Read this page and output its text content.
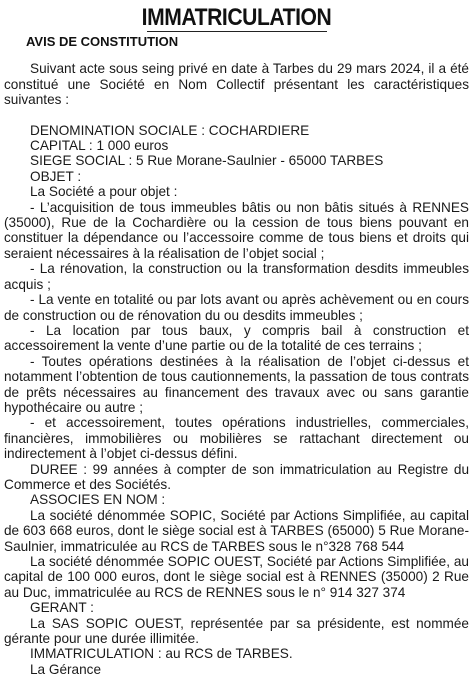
IMMATRICULATION
AVIS DE CONSTITUTION

Suivant acte sous seing privé en date à Tarbes du 29 mars 2024, il a été constitué une Société en Nom Collectif présentant les caractéristiques suivantes :

DENOMINATION SOCIALE : COCHARDIERE
CAPITAL : 1 000 euros
SIEGE SOCIAL : 5 Rue Morane-Saulnier - 65000 TARBES
OBJET :
La Société a pour objet :

- L’acquisition de tous immeubles bâtis ou non bâtis situés à RENNES (35000), Rue de la Cochardière ou la cession de tous biens pouvant en constituer la dépendance ou l’accessoire comme de tous biens et droits qui seraient nécessaires à la réalisation de l’objet social ;

- La rénovation, la construction ou la transformation desdits immeubles acquis ;

- La vente en totalité ou par lots avant ou après achèvement ou en cours de construction ou de rénovation du ou desdits immeubles ;

- La location par tous baux, y compris bail à construction et accessoirement la vente d’une partie ou de la totalité de ces terrains ;

- Toutes opérations destinées à la réalisation de l’objet ci-dessus et notamment l’obtention de tous cautionnements, la passation de tous contrats de prêts nécessaires au financement des travaux avec ou sans garantie hypothécaire ou autre ;

- et accessoirement, toutes opérations industrielles, commerciales, financières, immobilières ou mobilières se rattachant directement ou indirectement à l’objet ci-dessus défini.

DUREE : 99 années à compter de son immatriculation au Registre du Commerce et des Sociétés.

ASSOCIES EN NOM :

La société dénommée SOPIC, Société par Actions Simplifiée, au capital de 603 668 euros, dont le siège social est à TARBES (65000) 5 Rue Morane-Saulnier, immatriculée au RCS de TARBES sous le n°328 768 544

La société dénommée SOPIC OUEST, Société par Actions Simplifiée, au capital de 100 000 euros, dont le siège social est à RENNES (35000) 2 Rue au Duc, immatriculée au RCS de RENNES sous le n° 914 327 374

GERANT :

La SAS SOPIC OUEST, représentée par sa présidente, est nommée gérante pour une durée illimitée.

IMMATRICULATION : au RCS de TARBES.
La Gérance
